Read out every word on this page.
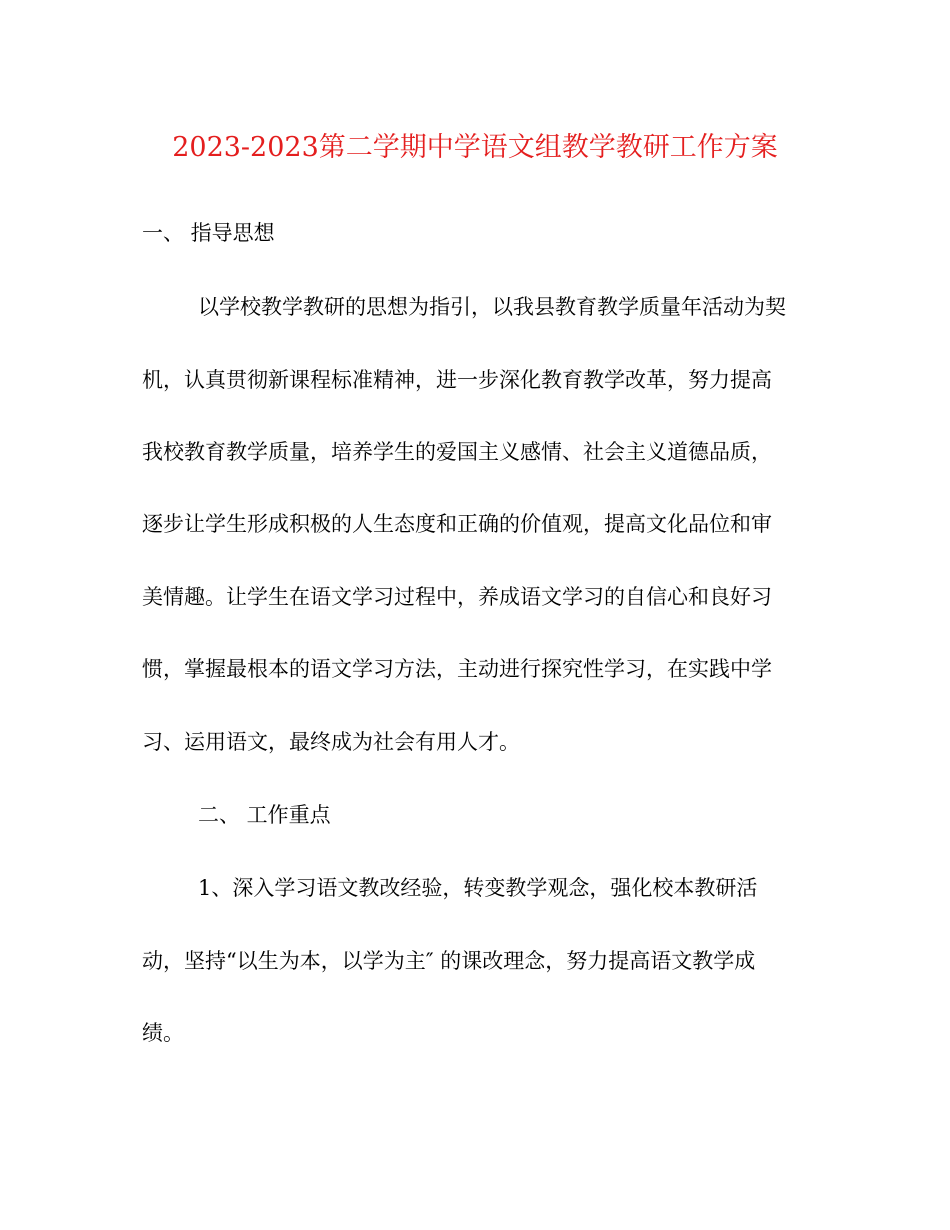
2023-2023第二学期中学语文组教学教研工作方案
一、 指导思想
以学校教学教研的思想为指引，以我县教育教学质量年活动为契
机，认真贯彻新课程标准精神，进一步深化教育教学改革，努力提高
我校教育教学质量，培养学生的爱国主义感情、社会主义道德品质，
逐步让学生形成积极的人生态度和正确的价值观，提高文化品位和审
美情趣。让学生在语文学习过程中，养成语文学习的自信心和良好习
惯，掌握最根本的语文学习方法，主动进行探究性学习，在实践中学
习、运用语文，最终成为社会有用人才。
二、 工作重点
1、深入学习语文教改经验，转变教学观念，强化校本教研活
动，坚持“以生为本，以学为主″ 的课改理念，努力提高语文教学成
绩。
